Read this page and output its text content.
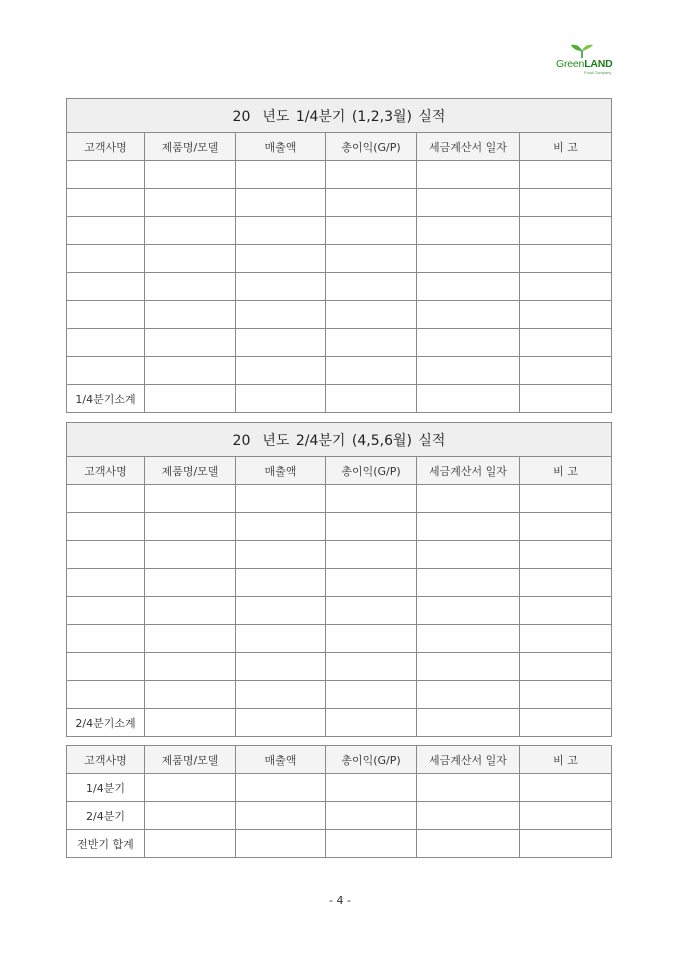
GreenLAND
Food Company
20 년도 1/4분기 (1,2,3월) 실적					
고객사명	제품명/모델	매출액	총이익(G/P)	세금계산서 일자	비 고

1/4분기소계					
20 년도 2/4분기 (4,5,6월) 실적					
고객사명	제품명/모델	매출액	총이익(G/P)	세금계산서 일자	비 고

2/4분기소계					
고객사명	제품명/모델	매출액	총이익(G/P)	세금계산서 일자	비 고
1/4분기					
2/4분기					
전반기 합계					
- 4 -
